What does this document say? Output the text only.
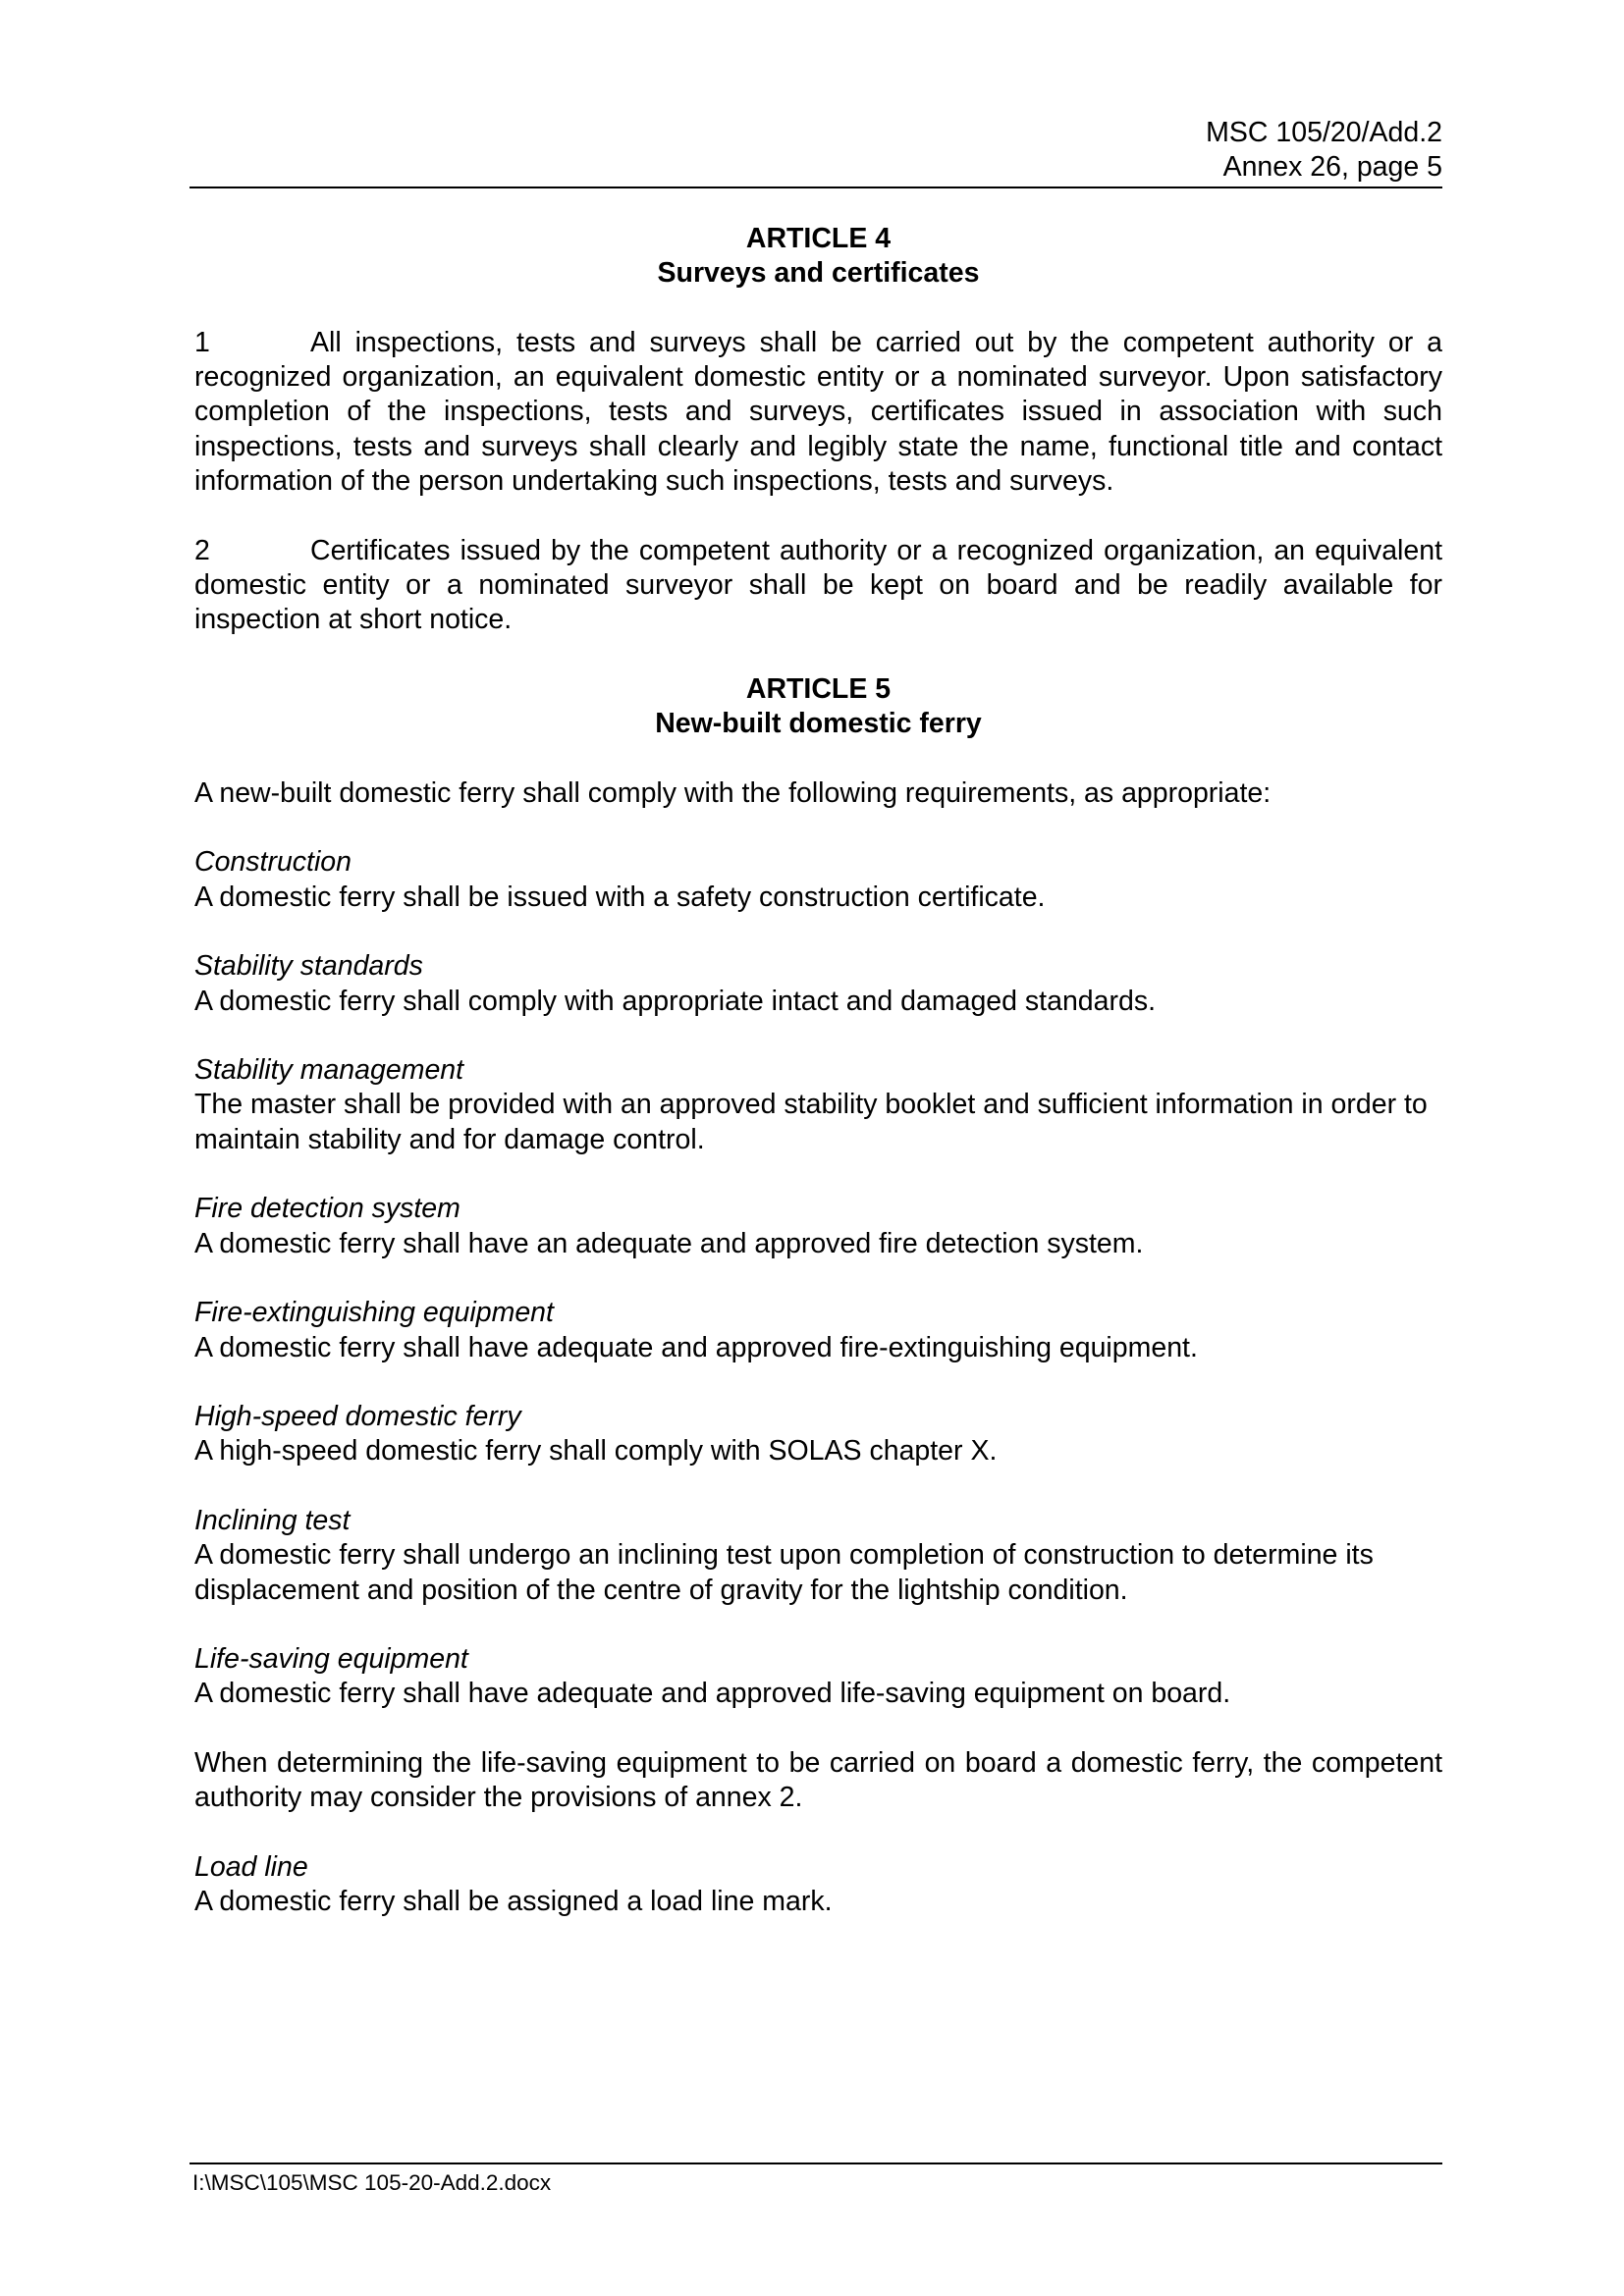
MSC 105/20/Add.2
Annex 26, page 5

ARTICLE 4

Surveys and certificates

1	All inspections, tests and surveys shall be carried out by the competent authority or a recognized organization, an equivalent domestic entity or a nominated surveyor. Upon satisfactory completion of the inspections, tests and surveys, certificates issued in association with such inspections, tests and surveys shall clearly and legibly state the name, functional title and contact information of the person undertaking such inspections, tests and surveys.

2	Certificates issued by the competent authority or a recognized organization, an equivalent domestic entity or a nominated surveyor shall be kept on board and be readily available for inspection at short notice.

ARTICLE 5

New-built domestic ferry

A new-built domestic ferry shall comply with the following requirements, as appropriate:

Construction
A domestic ferry shall be issued with a safety construction certificate.
Stability standards
A domestic ferry shall comply with appropriate intact and damaged standards.
Stability management
The master shall be provided with an approved stability booklet and sufficient information in order to maintain stability and for damage control.
Fire detection system
A domestic ferry shall have an adequate and approved fire detection system.
Fire-extinguishing equipment
A domestic ferry shall have adequate and approved fire-extinguishing equipment.
High-speed domestic ferry
A high-speed domestic ferry shall comply with SOLAS chapter X.
Inclining test
A domestic ferry shall undergo an inclining test upon completion of construction to determine its displacement and position of the centre of gravity for the lightship condition.
Life-saving equipment
A domestic ferry shall have adequate and approved life-saving equipment on board.

When determining the life-saving equipment to be carried on board a domestic ferry, the competent authority may consider the provisions of annex 2.

Load line
A domestic ferry shall be assigned a load line mark.
I:\MSC\105\MSC 105-20-Add.2.docx
